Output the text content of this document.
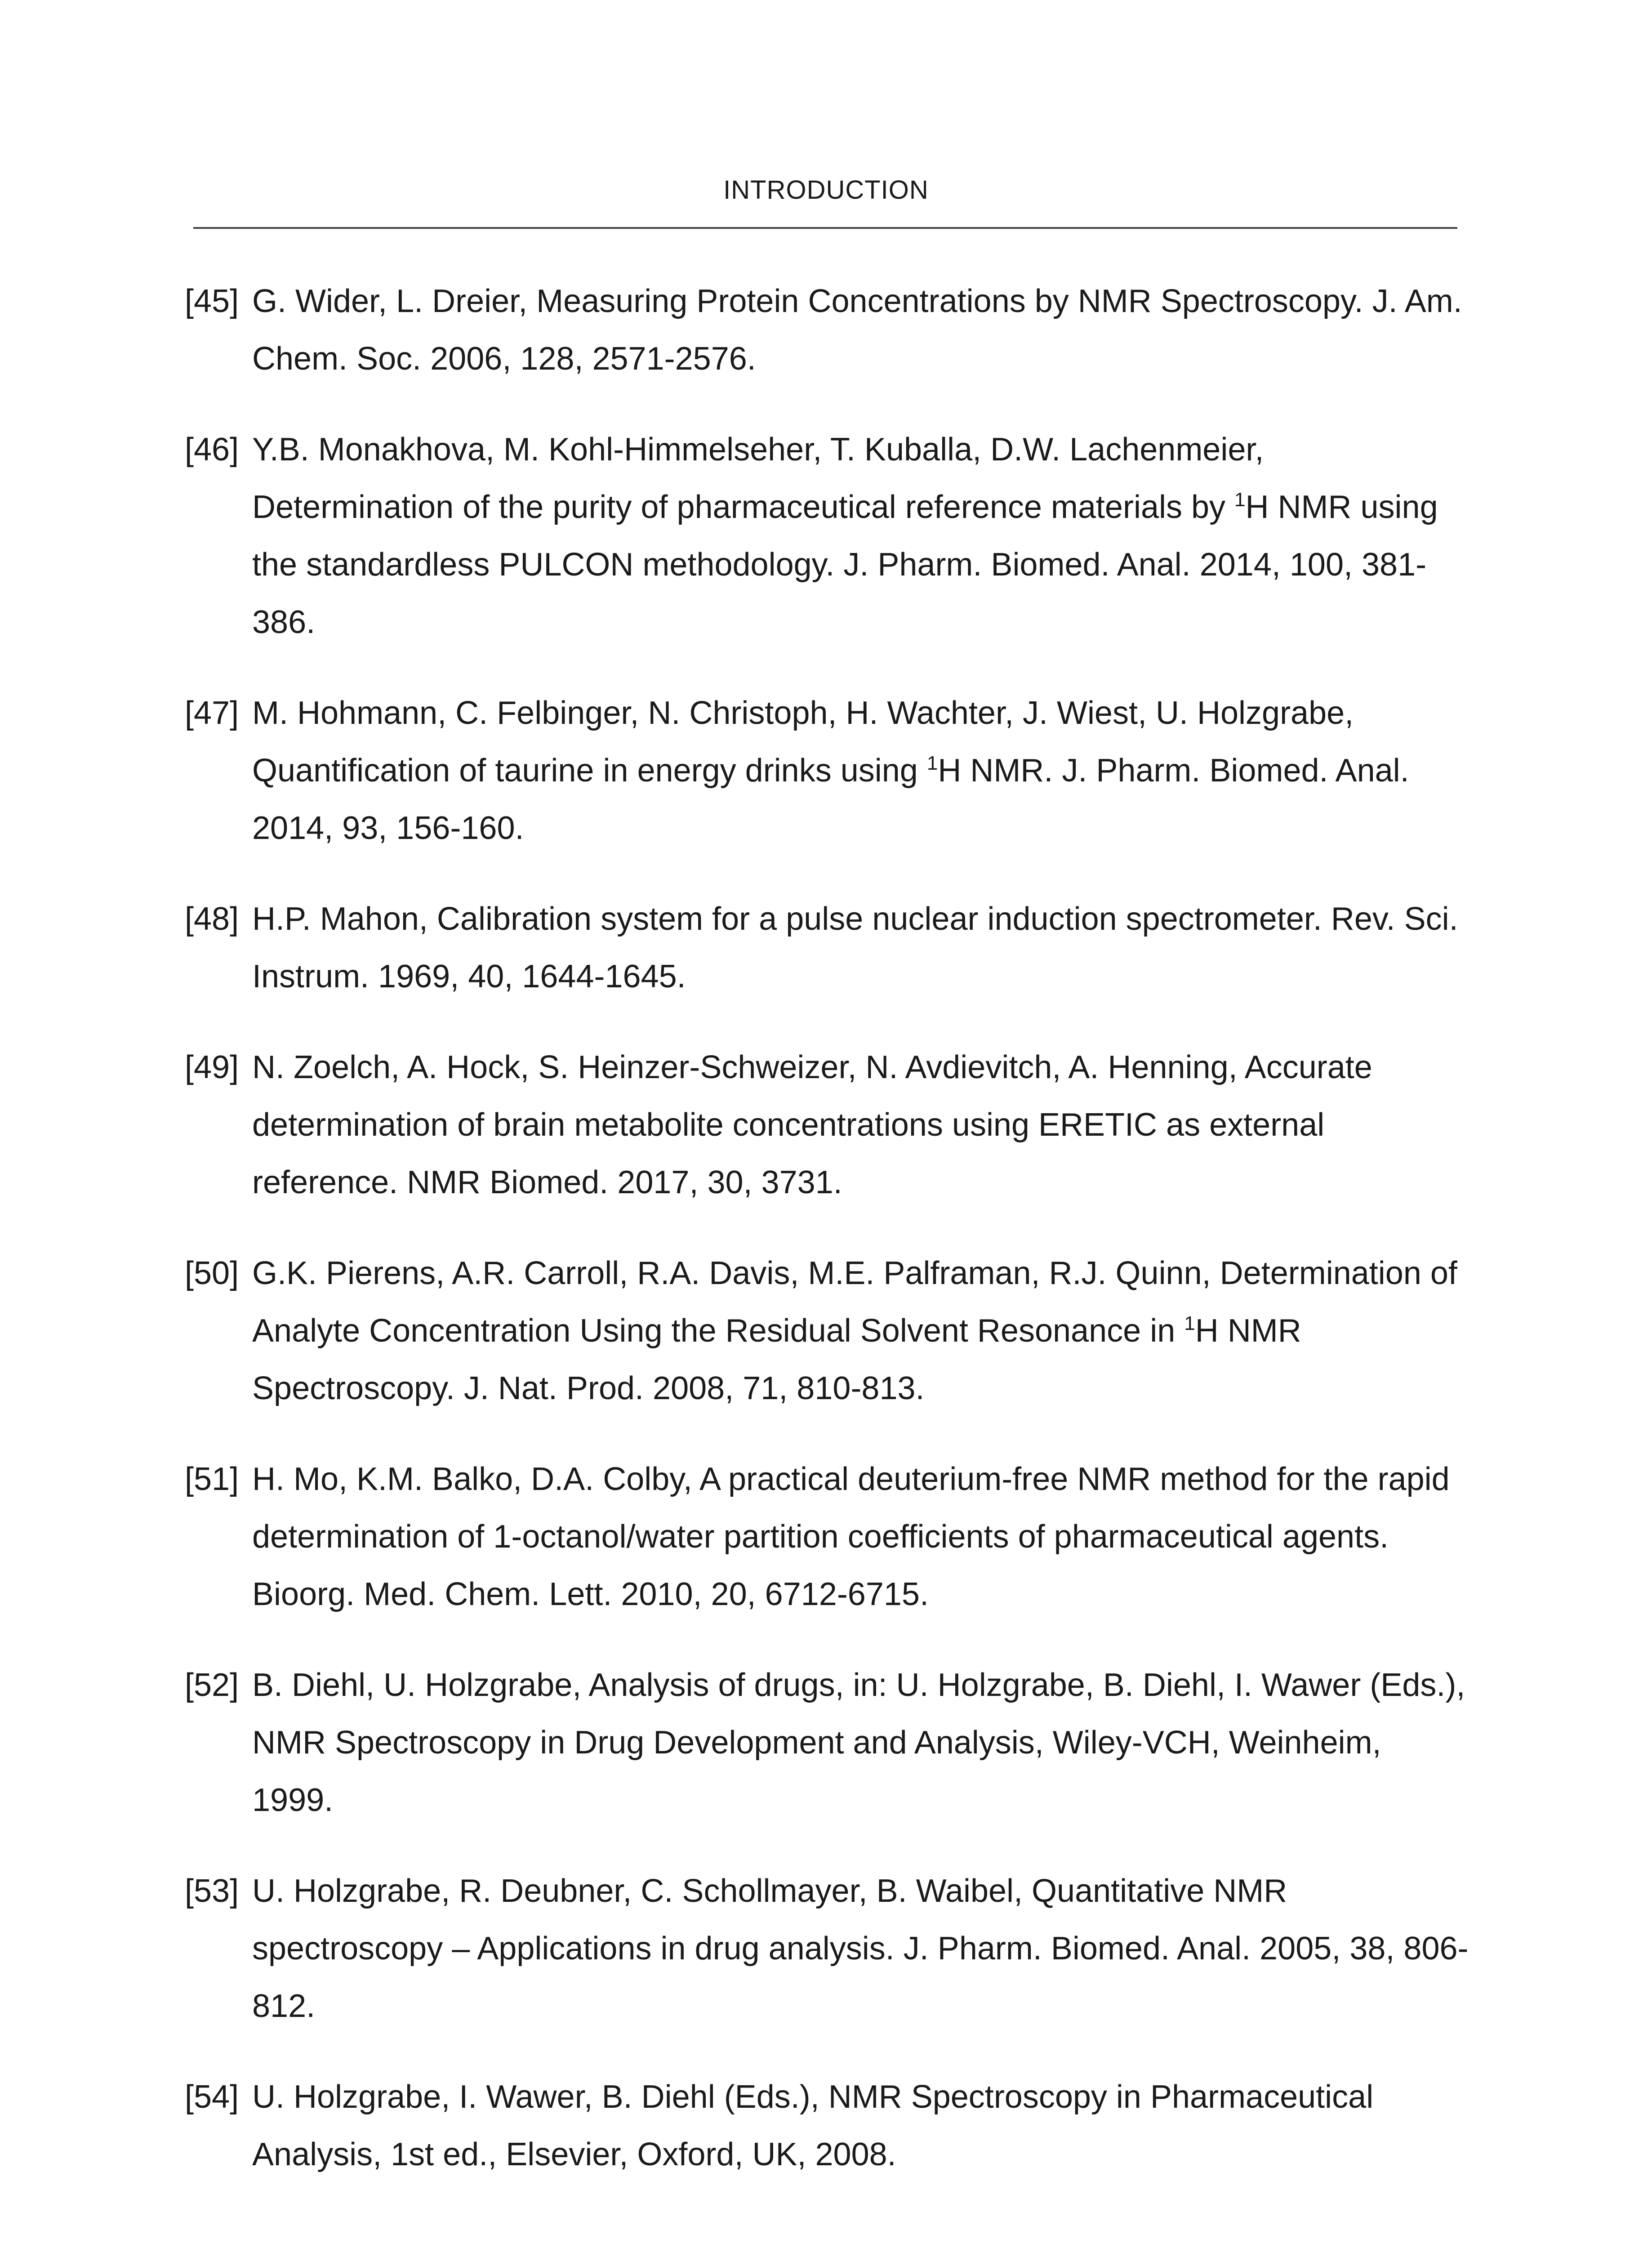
INTRODUCTION
[45] G. Wider, L. Dreier, Measuring Protein Concentrations by NMR Spectroscopy. J. Am. Chem. Soc. 2006, 128, 2571-2576.
[46] Y.B. Monakhova, M. Kohl-Himmelseher, T. Kuballa, D.W. Lachenmeier, Determination of the purity of pharmaceutical reference materials by $^1$H NMR using the standardless PULCON methodology. J. Pharm. Biomed. Anal. 2014, 100, 381-386.
[47] M. Hohmann, C. Felbinger, N. Christoph, H. Wachter, J. Wiest, U. Holzgrabe, Quantification of taurine in energy drinks using $^1$H NMR. J. Pharm. Biomed. Anal. 2014, 93, 156-160.
[48] H.P. Mahon, Calibration system for a pulse nuclear induction spectrometer. Rev. Sci. Instrum. 1969, 40, 1644-1645.
[49] N. Zoelch, A. Hock, S. Heinzer-Schweizer, N. Avdievitch, A. Henning, Accurate determination of brain metabolite concentrations using ERETIC as external reference. NMR Biomed. 2017, 30, 3731.
[50] G.K. Pierens, A.R. Carroll, R.A. Davis, M.E. Palframan, R.J. Quinn, Determination of Analyte Concentration Using the Residual Solvent Resonance in $^1$H NMR Spectroscopy. J. Nat. Prod. 2008, 71, 810-813.
[51] H. Mo, K.M. Balko, D.A. Colby, A practical deuterium-free NMR method for the rapid determination of 1-octanol/water partition coefficients of pharmaceutical agents. Bioorg. Med. Chem. Lett. 2010, 20, 6712-6715.
[52] B. Diehl, U. Holzgrabe, Analysis of drugs, in: U. Holzgrabe, B. Diehl, I. Wawer (Eds.), NMR Spectroscopy in Drug Development and Analysis, Wiley-VCH, Weinheim, 1999.
[53] U. Holzgrabe, R. Deubner, C. Schollmayer, B. Waibel, Quantitative NMR spectroscopy – Applications in drug analysis. J. Pharm. Biomed. Anal. 2005, 38, 806-812.
[54] U. Holzgrabe, I. Wawer, B. Diehl (Eds.), NMR Spectroscopy in Pharmaceutical Analysis, 1st ed., Elsevier, Oxford, UK, 2008.
